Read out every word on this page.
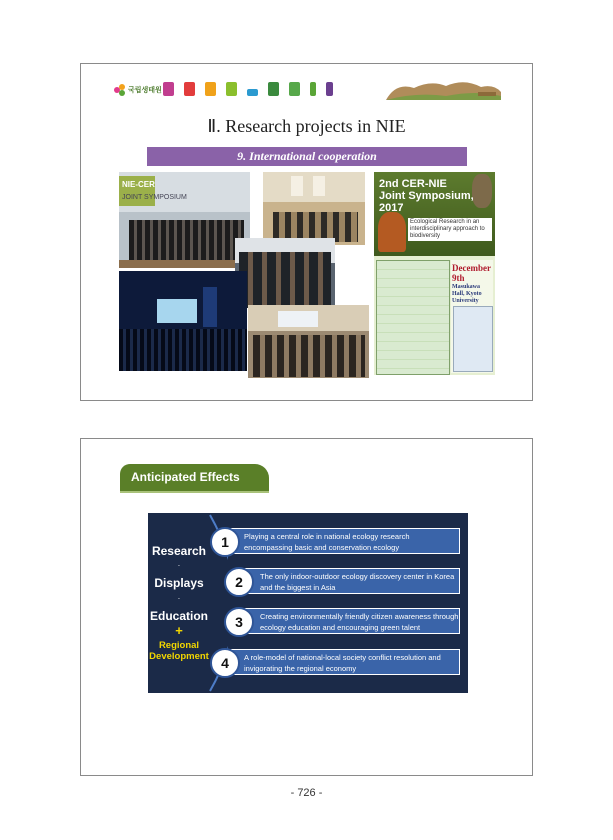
국립생태원
Ⅱ. Research projects in NIE
9. International cooperation
NIE-CER
JOINT SYMPOSIUM
2nd CER-NIE
Joint Symposium, 2017
Ecological Research in an interdisciplinary approach to biodiversity
December 9th
Masukawa Hall, Kyoto University
Anticipated Effects
Research
·
Displays
·
Education
+
Regional Development
Playing a central role in national ecology research encompassing basic and conservation ecology
1
The only indoor-outdoor ecology discovery center in Korea and the biggest in Asia
2
Creating environmentally friendly citizen awareness through ecology education and encouraging green talent
3
A role-model of national-local society conflict resolution and invigorating the regional economy
4
- 726 -
